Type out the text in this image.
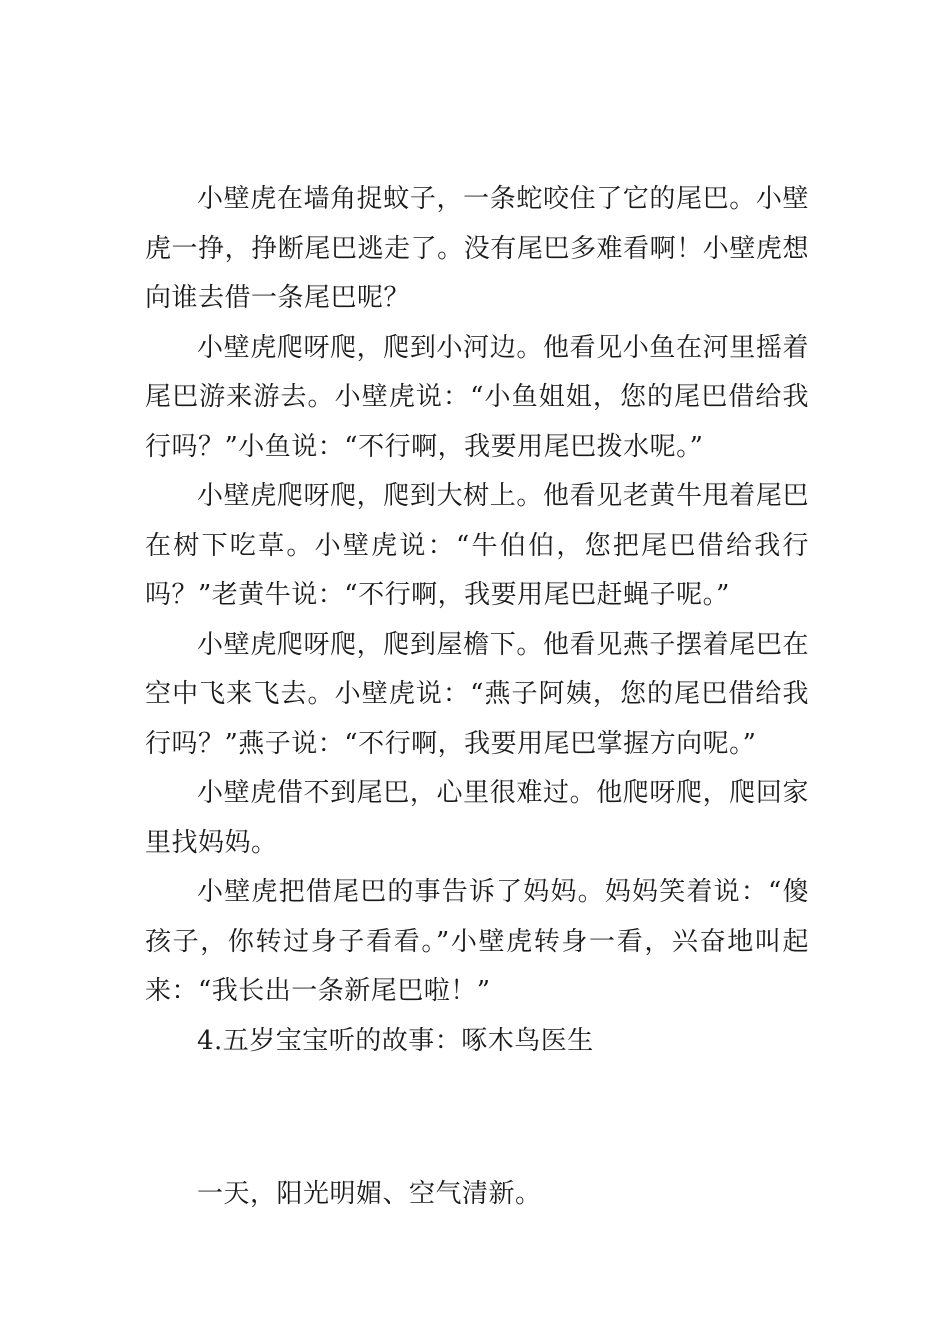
小壁虎在墙角捉蚊子，一条蛇咬住了它的尾巴。小壁虎一挣，挣断尾巴逃走了。没有尾巴多难看啊！小壁虎想向谁去借一条尾巴呢？

小壁虎爬呀爬，爬到小河边。他看见小鱼在河里摇着尾巴游来游去。小壁虎说：“小鱼姐姐，您的尾巴借给我行吗？”小鱼说：“不行啊，我要用尾巴拨水呢。”

小壁虎爬呀爬，爬到大树上。他看见老黄牛甩着尾巴在树下吃草。小壁虎说：“牛伯伯，您把尾巴借给我行吗？”老黄牛说：“不行啊，我要用尾巴赶蝇子呢。”

小壁虎爬呀爬，爬到屋檐下。他看见燕子摆着尾巴在空中飞来飞去。小壁虎说：“燕子阿姨，您的尾巴借给我行吗？”燕子说：“不行啊，我要用尾巴掌握方向呢。”

小壁虎借不到尾巴，心里很难过。他爬呀爬，爬回家里找妈妈。

小壁虎把借尾巴的事告诉了妈妈。妈妈笑着说：“傻孩子，你转过身子看看。”小壁虎转身一看，兴奋地叫起来：“我长出一条新尾巴啦！”

4.五岁宝宝听的故事：啄木鸟医生

一天，阳光明媚、空气清新。
